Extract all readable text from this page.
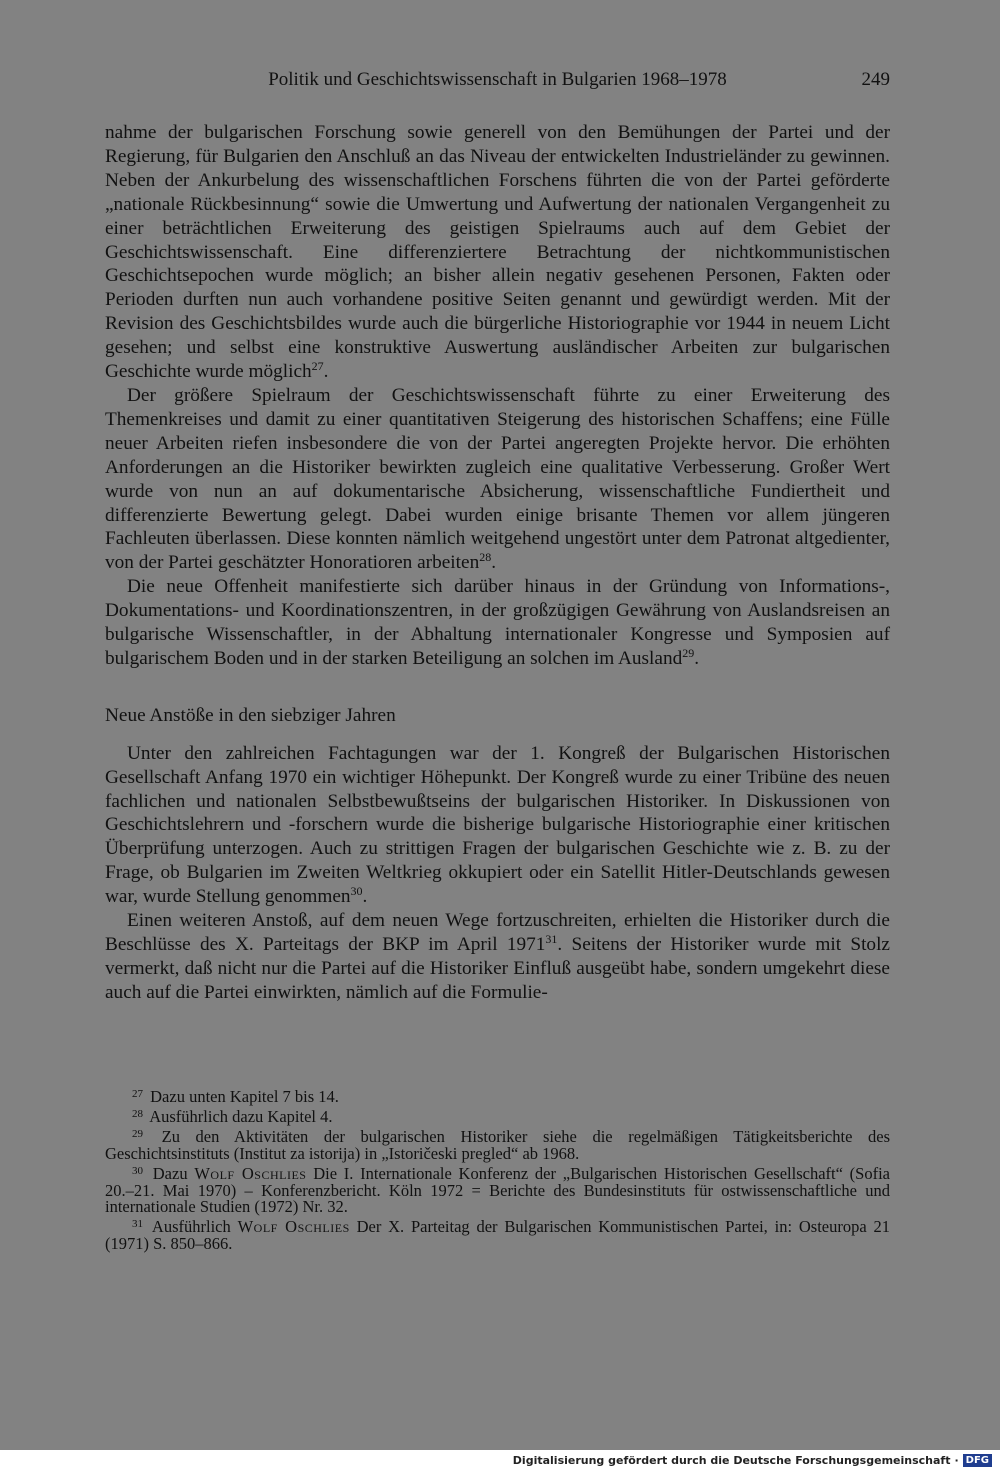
Politik und Geschichtswissenschaft in Bulgarien 1968–1978	249

nahme der bulgarischen Forschung sowie generell von den Bemühungen der Partei und der Regierung, für Bulgarien den Anschluß an das Niveau der entwickelten Industrieländer zu gewinnen. Neben der Ankurbelung des wissenschaftlichen Forschens führten die von der Partei geförderte „nationale Rückbesinnung“ sowie die Umwertung und Aufwertung der nationalen Vergangenheit zu einer beträchtlichen Erweiterung des geistigen Spielraums auch auf dem Gebiet der Geschichtswissenschaft. Eine differenziertere Betrachtung der nichtkommunistischen Geschichtsepochen wurde möglich; an bisher allein negativ gesehenen Personen, Fakten oder Perioden durften nun auch vorhandene positive Seiten genannt und gewürdigt werden. Mit der Revision des Geschichtsbildes wurde auch die bürgerliche Historiographie vor 1944 in neuem Licht gesehen; und selbst eine konstruktive Auswertung ausländischer Arbeiten zur bulgarischen Geschichte wurde möglich$^{27}$.

Der größere Spielraum der Geschichtswissenschaft führte zu einer Erweiterung des Themenkreises und damit zu einer quantitativen Steigerung des historischen Schaffens; eine Fülle neuer Arbeiten riefen insbesondere die von der Partei angeregten Projekte hervor. Die erhöhten Anforderungen an die Historiker bewirkten zugleich eine qualitative Verbesserung. Großer Wert wurde von nun an auf dokumentarische Absicherung, wissenschaftliche Fundiertheit und differenzierte Bewertung gelegt. Dabei wurden einige brisante Themen vor allem jüngeren Fachleuten überlassen. Diese konnten nämlich weitgehend ungestört unter dem Patronat altgedienter, von der Partei geschätzter Honoratioren arbeiten$^{28}$.

Die neue Offenheit manifestierte sich darüber hinaus in der Gründung von Informations-, Dokumentations- und Koordinationszentren, in der großzügigen Gewährung von Auslandsreisen an bulgarische Wissenschaftler, in der Abhaltung internationaler Kongresse und Symposien auf bulgarischem Boden und in der starken Beteiligung an solchen im Ausland$^{29}$.

Neue Anstöße in den siebziger Jahren

Unter den zahlreichen Fachtagungen war der 1. Kongreß der Bulgarischen Historischen Gesellschaft Anfang 1970 ein wichtiger Höhepunkt. Der Kongreß wurde zu einer Tribüne des neuen fachlichen und nationalen Selbstbewußtseins der bulgarischen Historiker. In Diskussionen von Geschichtslehrern und -forschern wurde die bisherige bulgarische Historiographie einer kritischen Überprüfung unterzogen. Auch zu strittigen Fragen der bulgarischen Geschichte wie z. B. zu der Frage, ob Bulgarien im Zweiten Weltkrieg okkupiert oder ein Satellit Hitler-Deutschlands gewesen war, wurde Stellung genommen$^{30}$.

Einen weiteren Anstoß, auf dem neuen Wege fortzuschreiten, erhielten die Historiker durch die Beschlüsse des X. Parteitags der BKP im April 1971$^{31}$. Seitens der Historiker wurde mit Stolz vermerkt, daß nicht nur die Partei auf die Historiker Einfluß ausgeübt habe, sondern umgekehrt diese auch auf die Partei einwirkten, nämlich auf die Formulie-

$^{27}$ Dazu unten Kapitel 7 bis 14.

$^{28}$ Ausführlich dazu Kapitel 4.

$^{29}$ Zu den Aktivitäten der bulgarischen Historiker siehe die regelmäßigen Tätigkeitsberichte des Geschichtsinstituts (Institut za istorija) in „Istoričeski pregled“ ab 1968.

$^{30}$ Dazu Wolf Oschlies Die I. Internationale Konferenz der „Bulgarischen Historischen Gesellschaft“ (Sofia 20.–21. Mai 1970) – Konferenzbericht. Köln 1972 = Berichte des Bundesinstituts für ostwissenschaftliche und internationale Studien (1972) Nr. 32.

$^{31}$ Ausführlich Wolf Oschlies Der X. Parteitag der Bulgarischen Kommunistischen Partei, in: Osteuropa 21 (1971) S. 850–866.

Digitalisierung gefördert durch die Deutsche Forschungsgemeinschaft · DFG
